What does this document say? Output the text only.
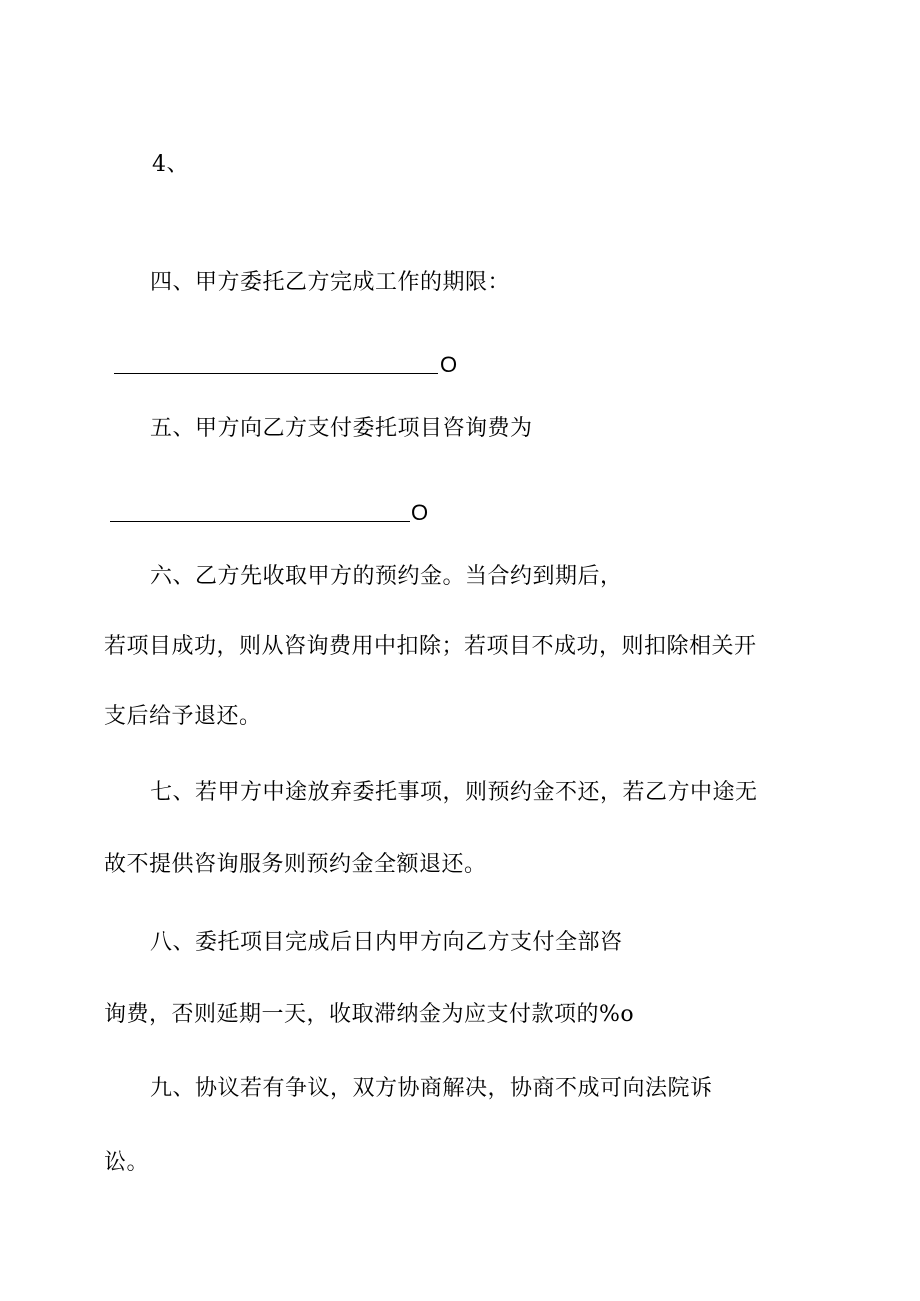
4、
四、甲方委托乙方完成工作的期限：
O
五、甲方向乙方支付委托项目咨询费为
O
六、乙方先收取甲方的预约金。当合约到期后，
若项目成功，则从咨询费用中扣除；若项目不成功，则扣除相关开
支后给予退还。
七、若甲方中途放弃委托事项，则预约金不还，若乙方中途无
故不提供咨询服务则预约金全额退还。
八、委托项目完成后日内甲方向乙方支付全部咨
询费，否则延期一天，收取滞纳金为应支付款项的%o
九、协议若有争议，双方协商解决，协商不成可向法院诉
讼。
